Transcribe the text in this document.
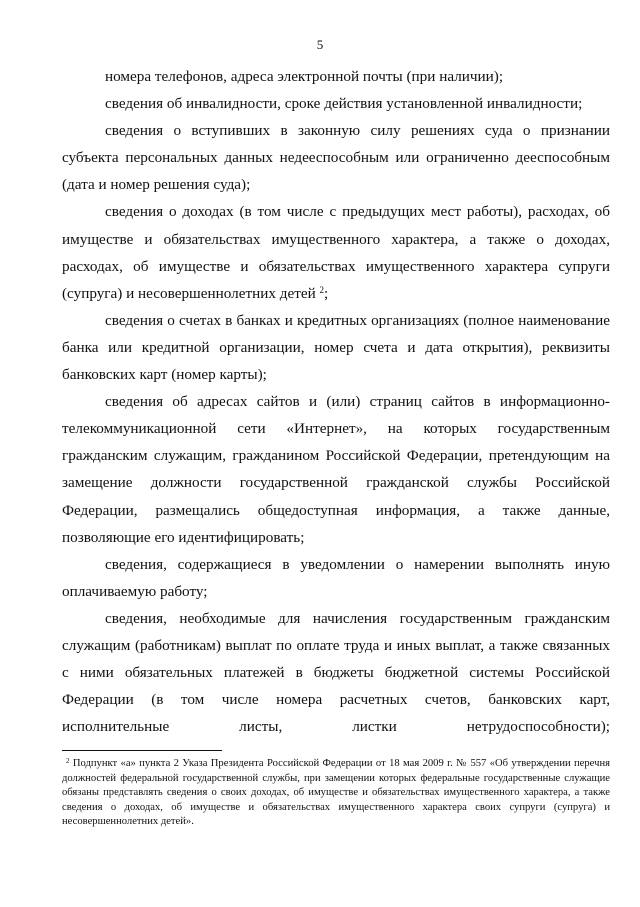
5

номера телефонов, адреса электронной почты (при наличии);

сведения об инвалидности, сроке действия установленной инвалидности;

сведения о вступивших в законную силу решениях суда о признании субъекта персональных данных недееспособным или ограниченно дееспособным (дата и номер решения суда);

сведения о доходах (в том числе с предыдущих мест работы), расходах, об имуществе и обязательствах имущественного характера, а также о доходах, расходах, об имуществе и обязательствах имущественного характера супруги (супруга) и несовершеннолетних детей $^2$;

сведения о счетах в банках и кредитных организациях (полное наименование банка или кредитной организации, номер счета и дата открытия), реквизиты банковских карт (номер карты);

сведения об адресах сайтов и (или) страниц сайтов в информационно-телекоммуникационной сети «Интернет», на которых государственным гражданским служащим, гражданином Российской Федерации, претендующим на замещение должности государственной гражданской службы Российской Федерации, размещались общедоступная информация, а также данные, позволяющие его идентифицировать;

сведения, содержащиеся в уведомлении о намерении выполнять иную оплачиваемую работу;

сведения, необходимые для начисления государственным гражданским служащим (работникам) выплат по оплате труда и иных выплат, а также связанных с ними обязательных платежей в бюджеты бюджетной системы Российской Федерации (в том числе номера расчетных счетов, банковских карт, исполнительные листы, листки нетрудоспособности);

$^2$ Подпункт «а» пункта 2 Указа Президента Российской Федерации от 18 мая 2009 г. № 557 «Об утверждении перечня должностей федеральной государственной службы, при замещении которых федеральные государственные служащие обязаны представлять сведения о своих доходах, об имуществе и обязательствах имущественного характера, а также сведения о доходах, об имуществе и обязательствах имущественного характера своих супруги (супруга) и несовершеннолетних детей».
